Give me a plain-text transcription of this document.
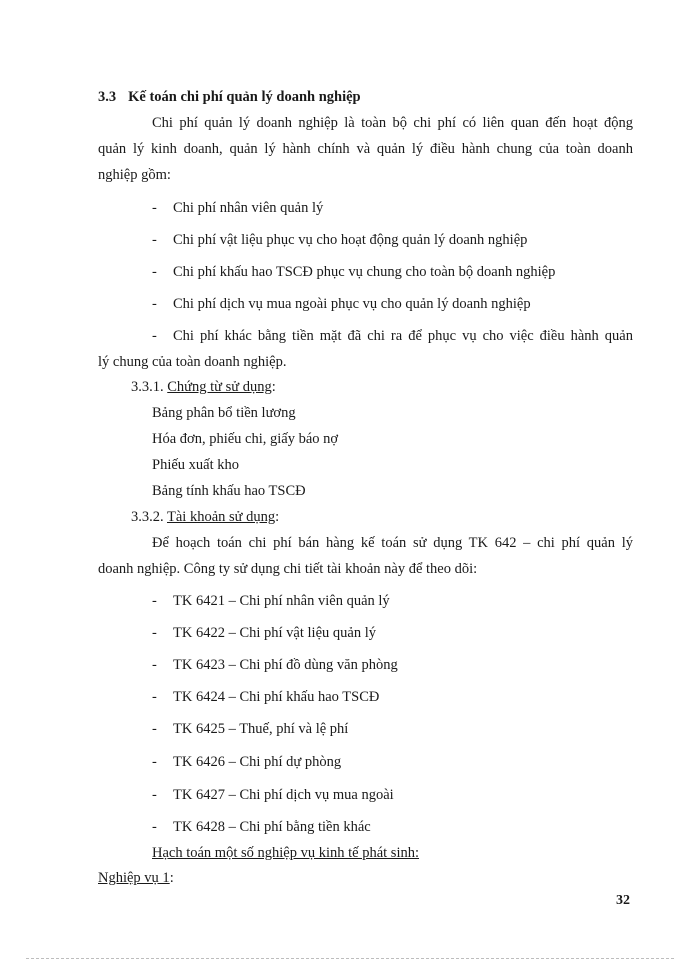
3.3 Kế toán chi phí quản lý doanh nghiệp
Chi phí quản lý doanh nghiệp là toàn bộ chi phí có liên quan đến hoạt động
quản lý kinh doanh, quản lý hành chính và quản lý điều hành chung của toàn doanh
nghiệp gồm:
- Chi phí nhân viên quản lý
- Chi phí vật liệu phục vụ cho hoạt động quản lý doanh nghiệp
- Chi phí khấu hao TSCĐ phục vụ chung cho toàn bộ doanh nghiệp
- Chi phí dịch vụ mua ngoài phục vụ cho quản lý doanh nghiệp
- Chi phí khác bằng tiền mặt đã chi ra để phục vụ cho việc điều hành quản
lý chung của toàn doanh nghiệp.
3.3.1. Chứng từ sử dụng:
Bảng phân bổ tiền lương
Hóa đơn, phiếu chi, giấy báo nợ
Phiếu xuất kho
Bảng tính khấu hao TSCĐ
3.3.2. Tài khoản sử dụng:
Để hoạch toán chi phí bán hàng kế toán sử dụng TK 642 – chi phí quản lý
doanh nghiệp. Công ty sử dụng chi tiết tài khoản này để theo dõi:
- TK 6421 – Chi phí nhân viên quản lý
- TK 6422 – Chi phí vật liệu quản lý
- TK 6423 – Chi phí đồ dùng văn phòng
- TK 6424 – Chi phí khấu hao TSCĐ
- TK 6425 – Thuế, phí và lệ phí
- TK 6426 – Chi phí dự phòng
- TK 6427 – Chi phí dịch vụ mua ngoài
- TK 6428 – Chi phí bằng tiền khác
Hạch toán một số nghiệp vụ kinh tế phát sinh:
Nghiệp vụ 1:
32
